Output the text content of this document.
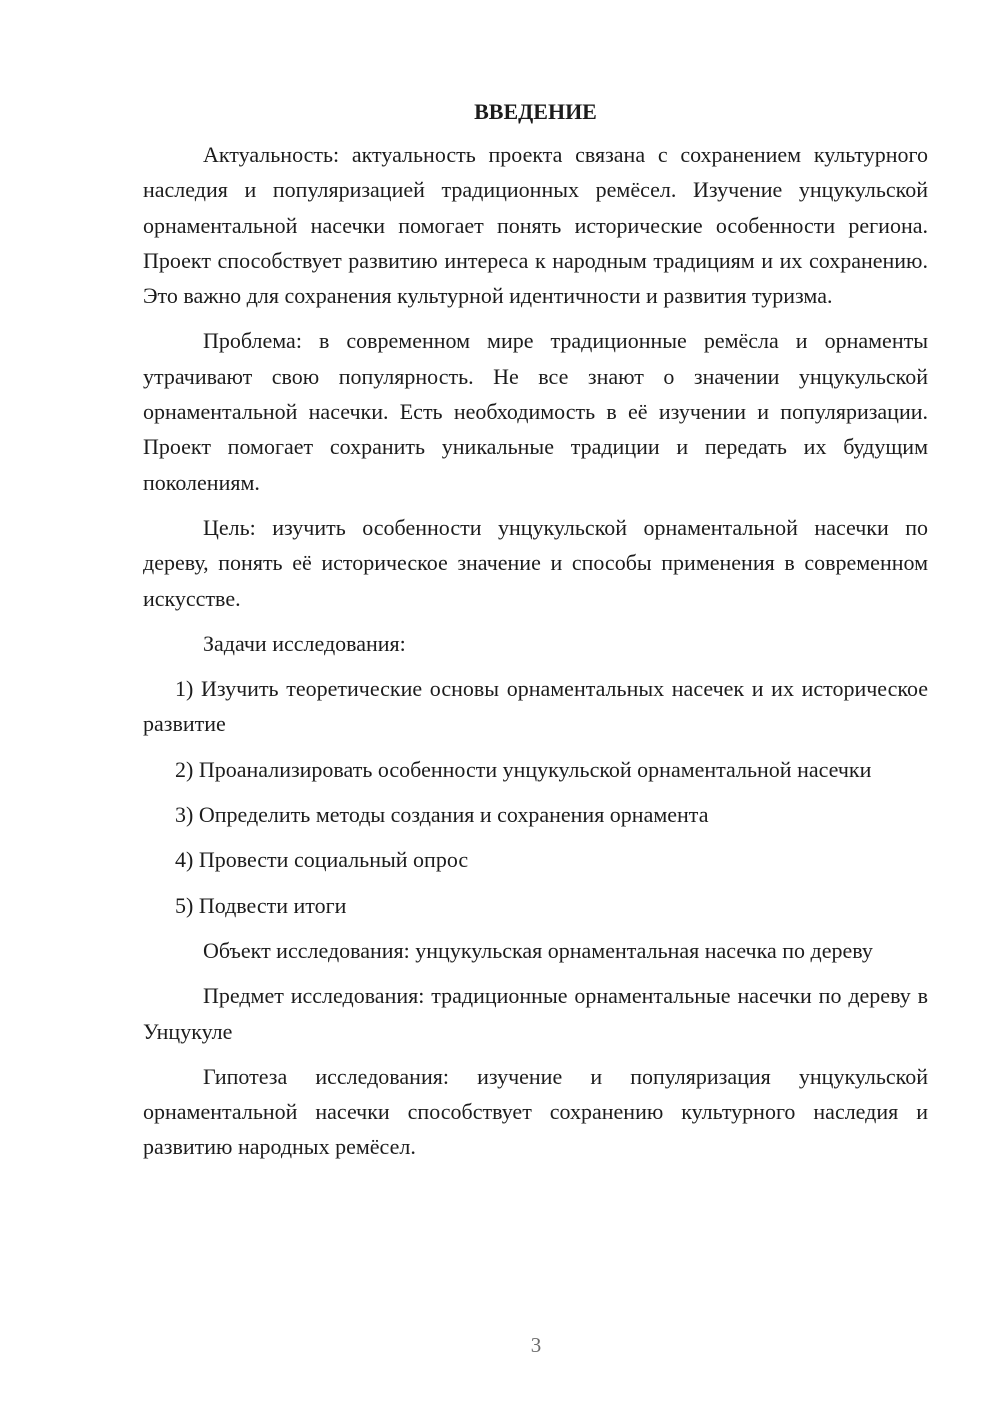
ВВЕДЕНИЕ

Актуальность: актуальность проекта связана с сохранением культурного наследия и популяризацией традиционных ремёсел. Изучение унцукульской орнаментальной насечки помогает понять исторические особенности региона. Проект способствует развитию интереса к народным традициям и их сохранению. Это важно для сохранения культурной идентичности и развития туризма.

Проблема: в современном мире традиционные ремёсла и орнаменты утрачивают свою популярность. Не все знают о значении унцукульской орнаментальной насечки. Есть необходимость в её изучении и популяризации. Проект помогает сохранить уникальные традиции и передать их будущим поколениям.

Цель: изучить особенности унцукульской орнаментальной насечки по дереву, понять её историческое значение и способы применения в современном искусстве.

Задачи исследования:

1) Изучить теоретические основы орнаментальных насечек и их историческое развитие

2) Проанализировать особенности унцукульской орнаментальной насечки

3) Определить методы создания и сохранения орнамента

4) Провести социальный опрос

5) Подвести итоги

Объект исследования: унцукульская орнаментальная насечка по дереву

Предмет исследования: традиционные орнаментальные насечки по дереву в Унцукуле

Гипотеза исследования: изучение и популяризация унцукульской орнаментальной насечки способствует сохранению культурного наследия и развитию народных ремёсел.

3
